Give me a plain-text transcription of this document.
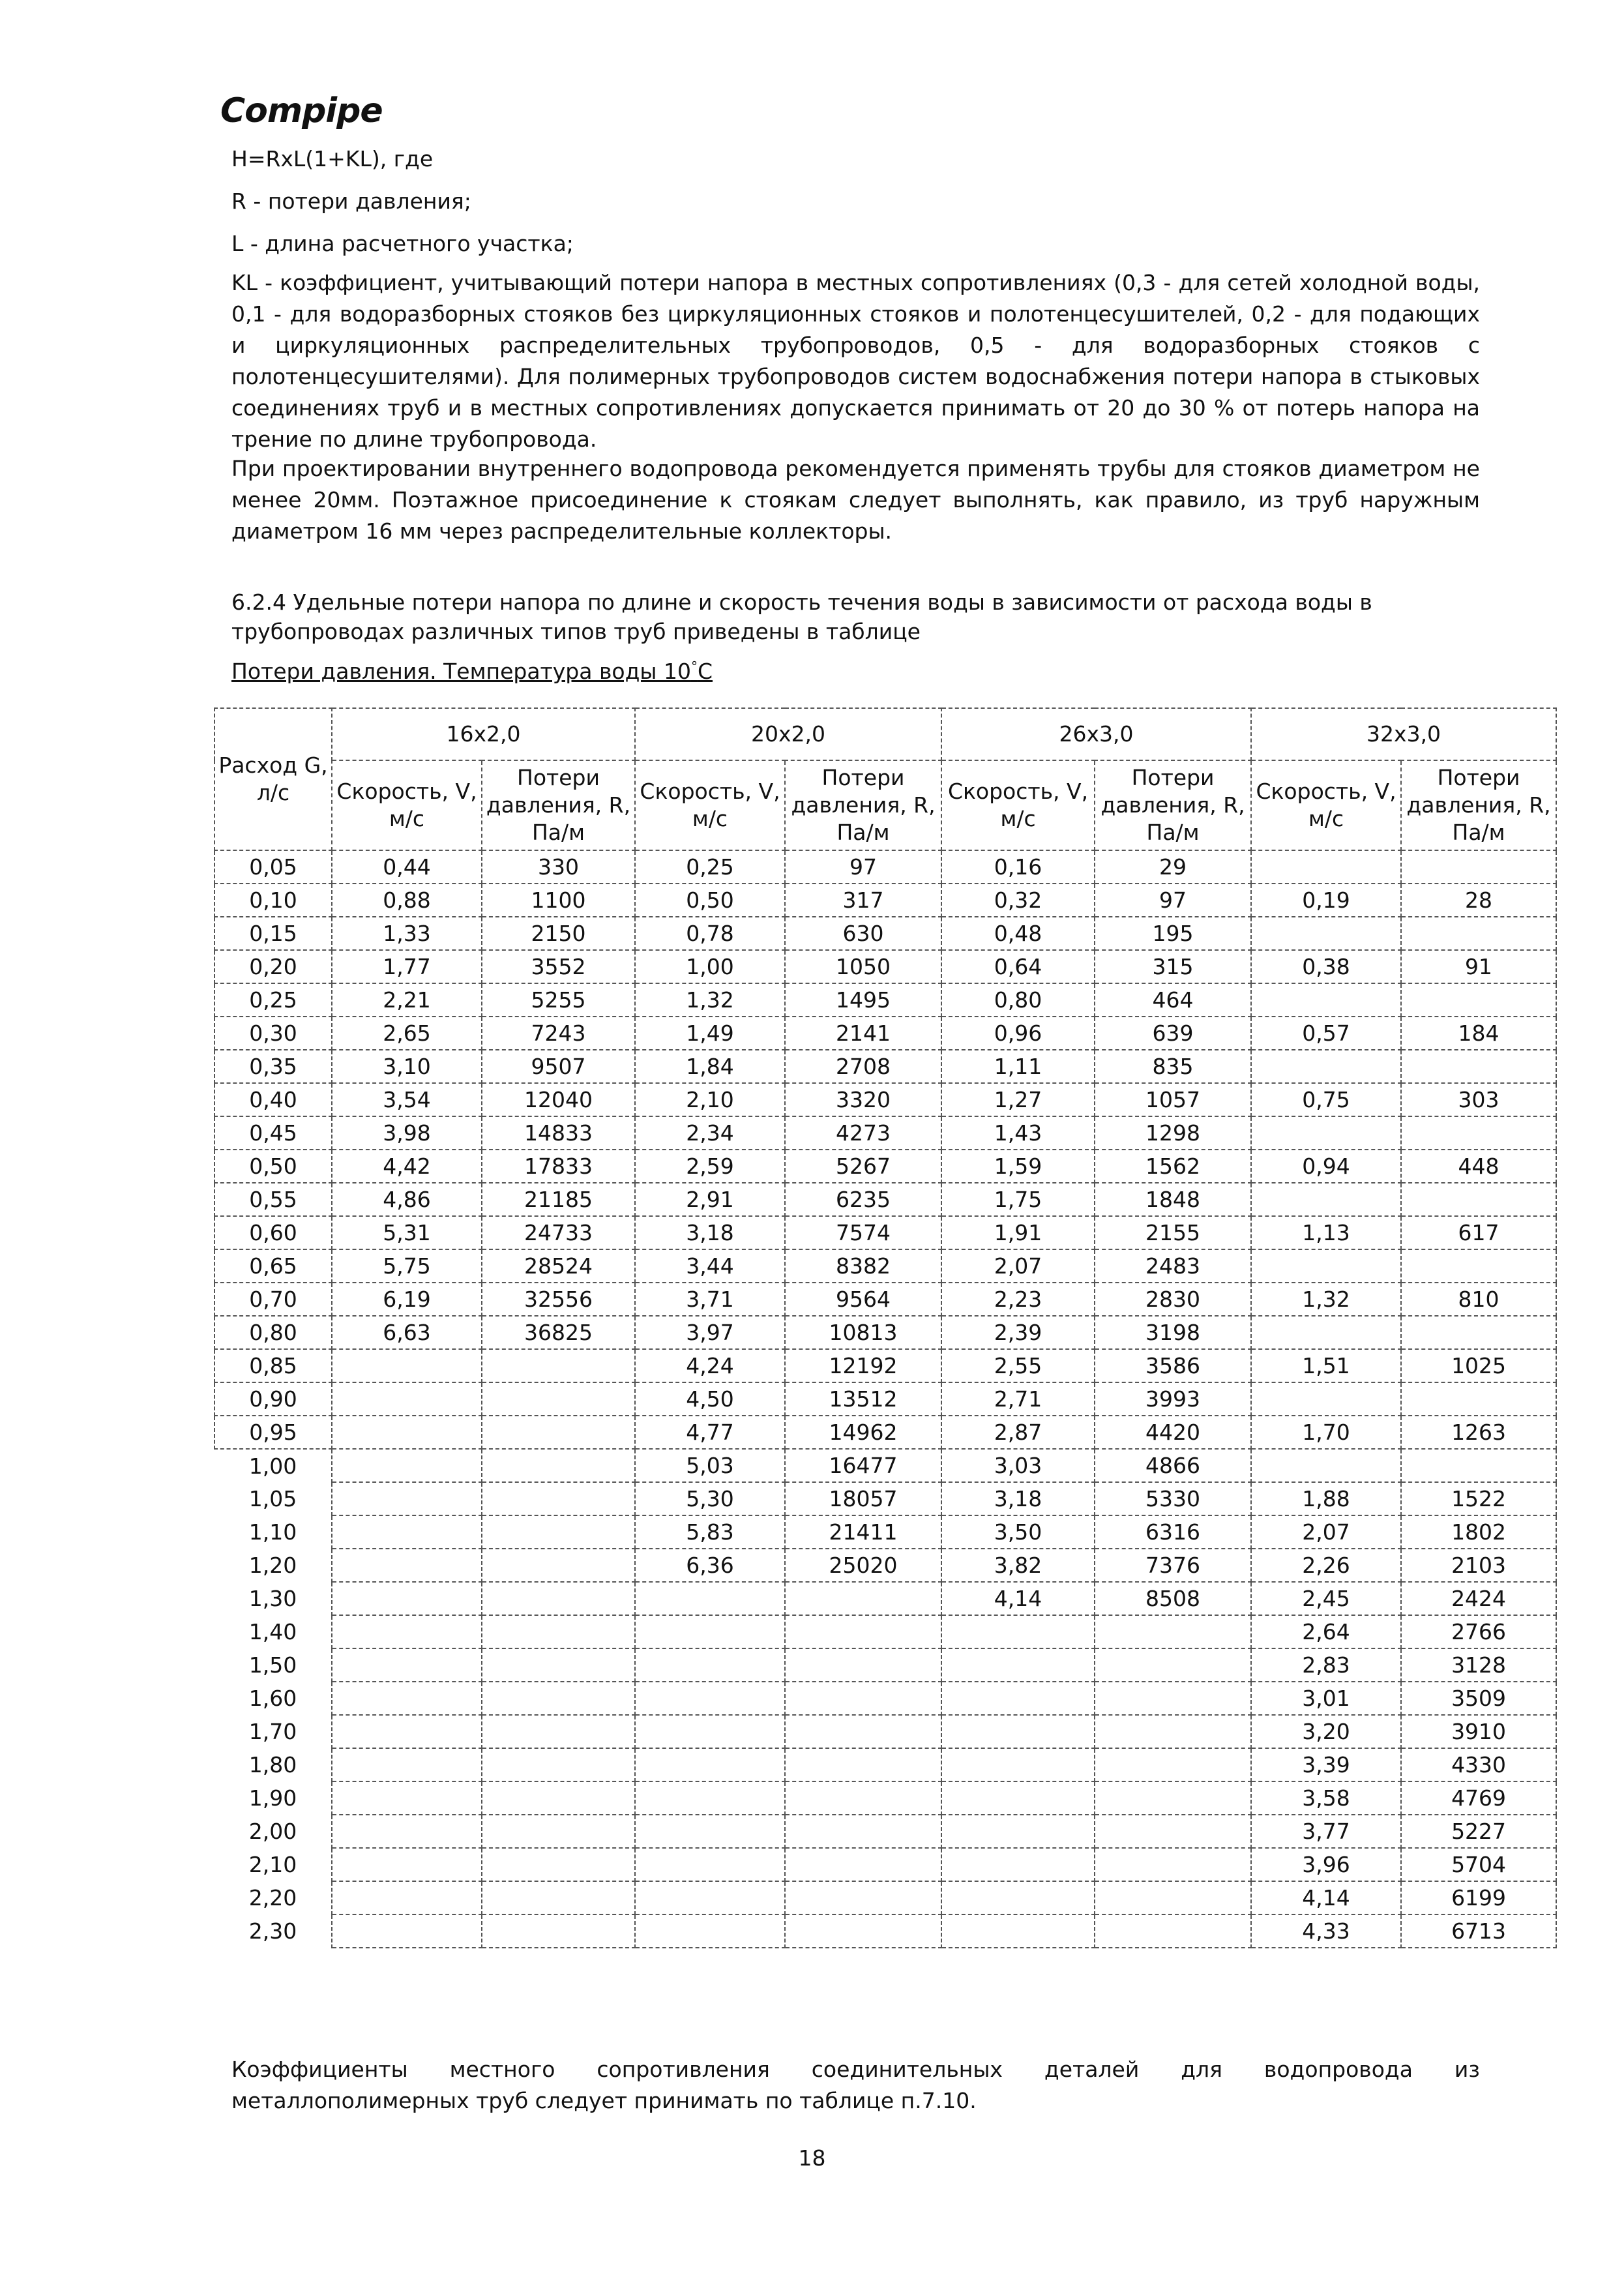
Compipe
H=RxL(1+KL), где
R - потери давления;
L - длина расчетного участка;
KL - коэффициент, учитывающий потери напора в местных сопротивлениях (0,3 - для сетей холодной воды, 0,1 - для водоразборных стояков без циркуляционных стояков и полотенцесушителей, 0,2 - для подающих и циркуляционных распределительных трубопроводов, 0,5 - для водоразборных стояков с полотенцесушителями). Для полимерных трубопроводов систем водоснабжения потери напора в стыковых соединениях труб и в местных сопротивлениях допускается принимать от 20 до 30 % от потерь напора на трение по длине трубопровода.
При проектировании внутреннего водопровода рекомендуется применять трубы для стояков диаметром не менее 20мм. Поэтажное присоединение к стоякам следует выполнять, как правило, из труб наружным диаметром 16 мм через распределительные коллекторы.
6.2.4 Удельные потери напора по длине и скорость течения воды в зависимости от расхода воды в
трубопроводах различных типов труб приведены в таблице
Потери давления. Температура воды 10°C
Расход G, л/с	16x2,0		20x2,0		26x3,0		32x3,0	
	Скорость, V, м/с	Потери давления, R, Па/м	Скорость, V, м/с	Потери давления, R, Па/м	Скорость, V, м/с	Потери давления, R, Па/м	Скорость, V, м/с	Потери давления, R, Па/м
0,05	0,44	330	0,25	97	0,16	29		
0,10	0,88	1100	0,50	317	0,32	97	0,19	28
0,15	1,33	2150	0,78	630	0,48	195		
0,20	1,77	3552	1,00	1050	0,64	315	0,38	91
0,25	2,21	5255	1,32	1495	0,80	464		
0,30	2,65	7243	1,49	2141	0,96	639	0,57	184
0,35	3,10	9507	1,84	2708	1,11	835		
0,40	3,54	12040	2,10	3320	1,27	1057	0,75	303
0,45	3,98	14833	2,34	4273	1,43	1298		
0,50	4,42	17833	2,59	5267	1,59	1562	0,94	448
0,55	4,86	21185	2,91	6235	1,75	1848		
0,60	5,31	24733	3,18	7574	1,91	2155	1,13	617
0,65	5,75	28524	3,44	8382	2,07	2483		
0,70	6,19	32556	3,71	9564	2,23	2830	1,32	810
0,80	6,63	36825	3,97	10813	2,39	3198		
0,85			4,24	12192	2,55	3586	1,51	1025
0,90			4,50	13512	2,71	3993		
0,95			4,77	14962	2,87	4420	1,70	1263
1,00			5,03	16477	3,03	4866		
1,05			5,30	18057	3,18	5330	1,88	1522
1,10			5,83	21411	3,50	6316	2,07	1802
1,20			6,36	25020	3,82	7376	2,26	2103
1,30					4,14	8508	2,45	2424
1,40							2,64	2766
1,50							2,83	3128
1,60							3,01	3509
1,70							3,20	3910
1,80							3,39	4330
1,90							3,58	4769
2,00							3,77	5227
2,10							3,96	5704
2,20							4,14	6199
2,30							4,33	6713
Коэффициенты местного сопротивления соединительных деталей для водопровода из
металлополимерных труб следует принимать по таблице п.7.10.
18
